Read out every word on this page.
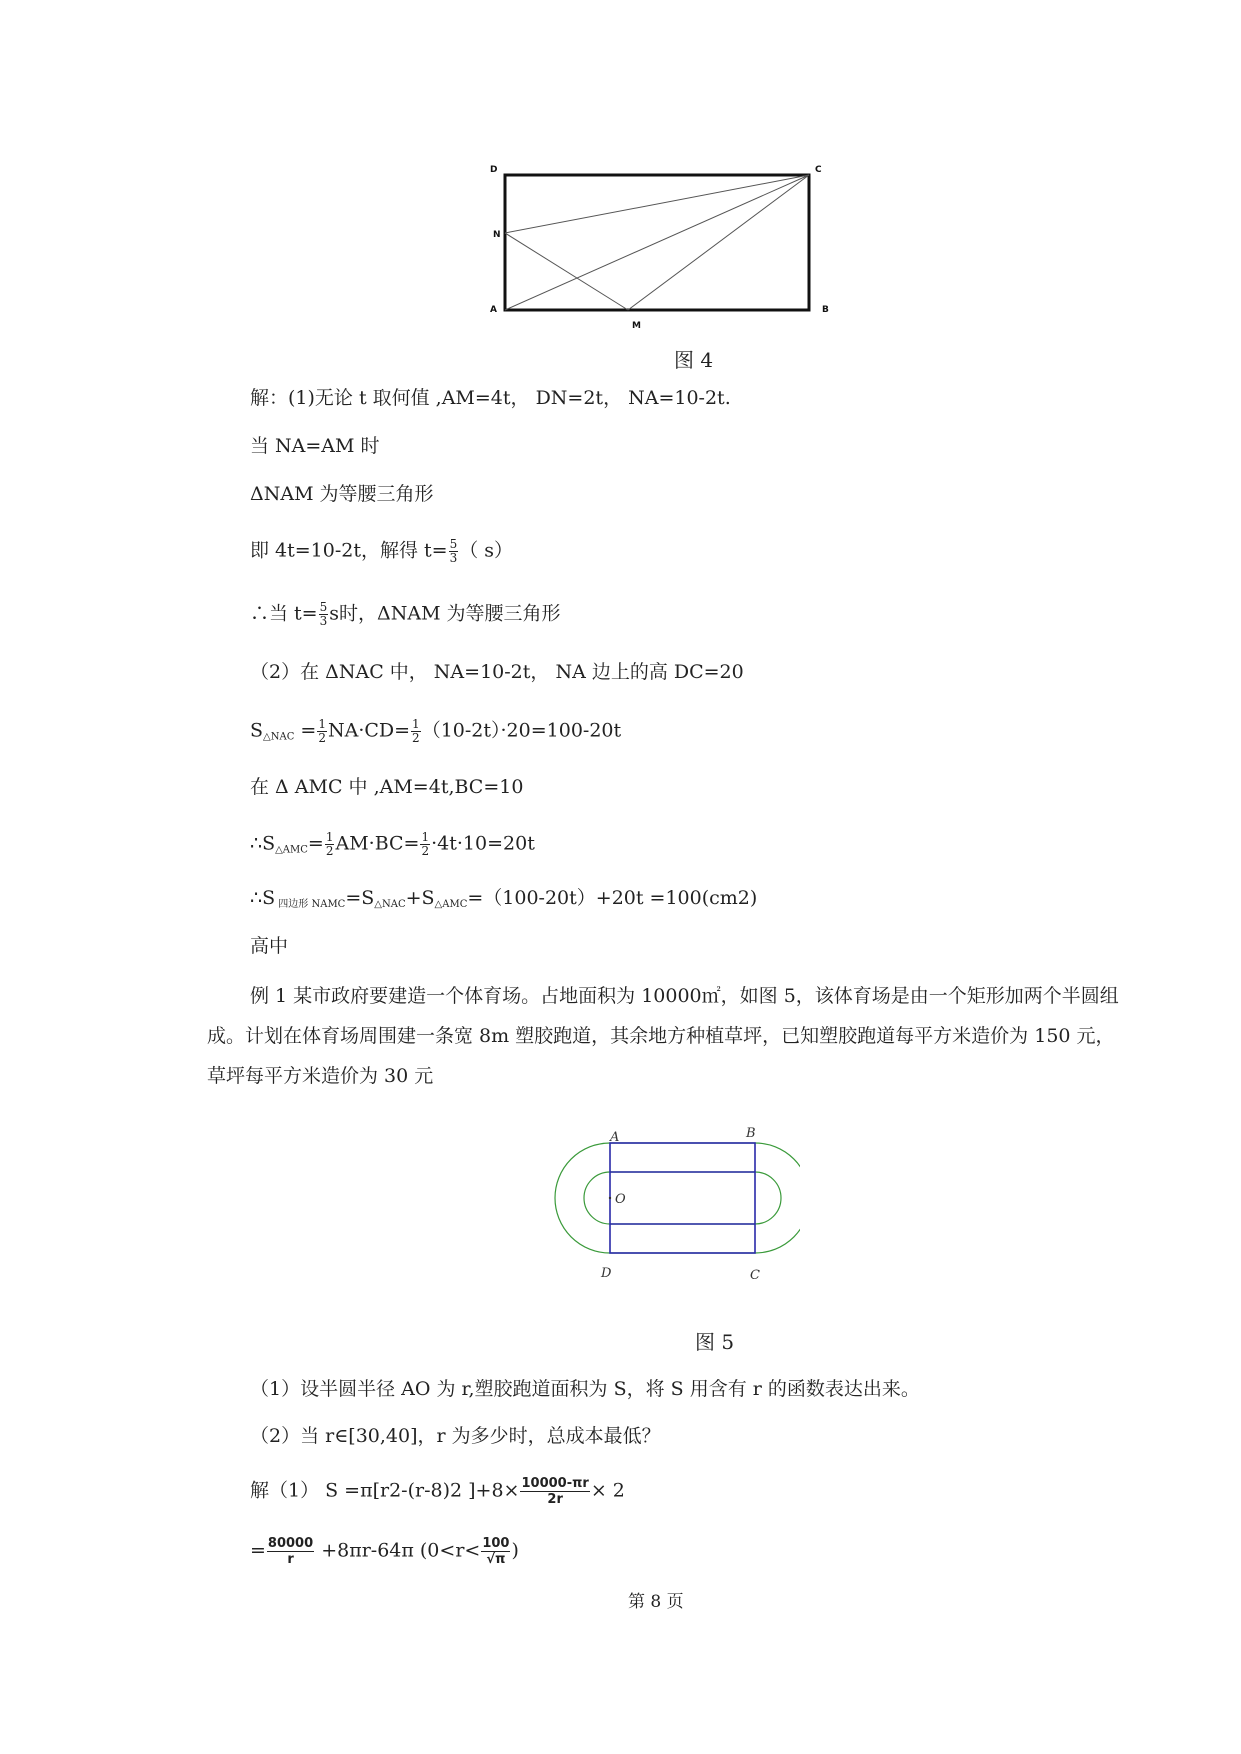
D	C
N
A	B
M
图 4
解：(1)无论 t 取何值 ,AM=4t， DN=2t， NA=10-2t.
当 NA=AM 时
ΔNAM 为等腰三角形
即 4t=10-2t，解得 $t= \frac{5}{3}$ （ s）
∴当 $t= \frac{5}{3}$ s时，ΔNAM 为等腰三角形
（2）在 ΔNAC 中， NA=10-2t， NA 边上的高 DC=20
$S_{\triangle NAC} = \frac{1}{2} NA\cdot CD= \frac{1}{2} (10-2t)\cdot 20=100-20t$
在 Δ AMC 中 ,AM=4t,BC=10
$\therefore S_{\triangle AMC}= \frac{1}{2} AM\cdot BC= \frac{1}{2} \cdot 4t\cdot 10=20t$
∴S $_{四边形 NAMC}=S_{\triangle NAC}+S_{\triangle AMC}=(100-20t)+20t =100(cm2)$
高中
例 1 某市政府要建造一个体育场。占地面积为 10000㎡，如图 5，该体育场是由一个矩形加两个半圆组成。计划在体育场周围建一条宽 8m 塑胶跑道，其余地方种植草坪，已知塑胶跑道每平方米造价为 150 元，草坪每平方米造价为 30 元
A	B
O
D	C
图 5
（1）设半圆半径 AO 为 r,塑胶跑道面积为 S，将 S 用含有 r 的函数表达出来。
（2）当 r∈[30,40]，r 为多少时，总成本最低？
解（1） S =π[r2-(r-8)2 ]$+8\times \frac{10000-\pi r}{2r} \times 2$
= $\frac{80000}{r} +8\pi r-64\pi$ ($0<r< \frac{100}{√\pi}$ )
第 8 页
